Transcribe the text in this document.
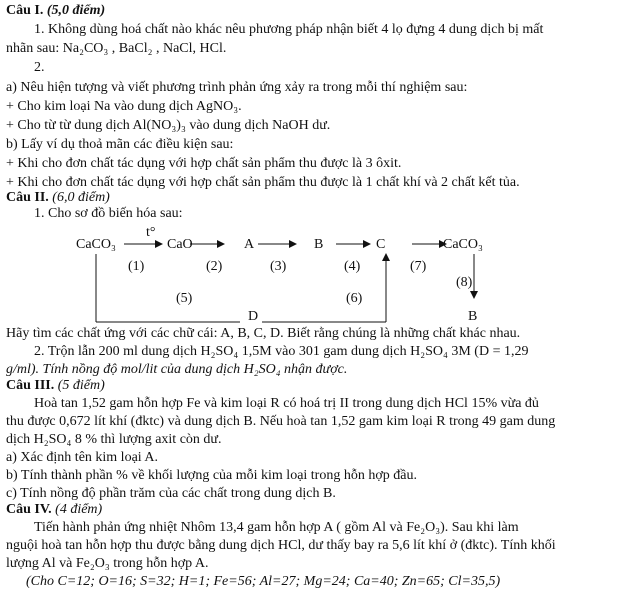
Câu I. (5,0 điểm)
1. Không dùng hoá chất nào khác nêu phương pháp nhận biết 4 lọ đựng 4 dung dịch bị mất
nhãn sau: Na₂CO₃ , BaCl₂ , NaCl, HCl.
2.
a) Nêu hiện tượng và viết phương trình phản ứng xảy ra trong mỗi thí nghiệm sau:
+ Cho kim loại Na vào dung dịch AgNO₃.
+ Cho từ từ dung dịch Al(NO₃)₃ vào dung dịch NaOH dư.
b) Lấy ví dụ thoả mãn các điều kiện sau:
+ Khi cho đơn chất tác dụng với hợp chất sản phẩm thu được là 3 ôxit.
+ Khi cho đơn chất tác dụng với hợp chất sản phẩm thu được là 1 chất khí và 2 chất kết tủa.
Câu II. (6,0 điểm)
1. Cho sơ đồ biến hóa sau:
t°
CaCO₃	CaO	A	B	C	CaCO₃
(1)	(2)	(3)	(4)	(7)
(8)
(5)	(6)
D	B
Hãy tìm các chất ứng với các chữ cái: A, B, C, D. Biết rằng chúng là những chất khác nhau.
2. Trộn lẫn 200 ml dung dịch H₂SO₄ 1,5M vào 301 gam dung dịch H₂SO₄ 3M (D = 1,29
g/ml). Tính nồng độ mol/lit của dung dịch H₂SO₄ nhận được.
Câu III. (5 điểm)
Hoà tan 1,52 gam hỗn hợp Fe và kim loại R có hoá trị II trong dung dịch HCl 15% vừa đủ
thu được 0,672 lít khí (đktc) và dung dịch B. Nếu hoà tan 1,52 gam kim loại R trong 49 gam dung
dịch H₂SO₄ 8 % thì lượng axit còn dư.
a) Xác định tên kim loại A.
b) Tính thành phần % về khối lượng của mỗi kim loại trong hỗn hợp đầu.
c) Tính nồng độ phần trăm của các chất trong dung dịch B.
Câu IV. (4 điểm)
Tiến hành phản ứng nhiệt Nhôm 13,4 gam hỗn hợp A ( gồm Al và Fe₂O₃). Sau khi làm
nguội hoà tan hỗn hợp thu được bằng dung dịch HCl, dư thấy bay ra 5,6 lít khí ở (đktc). Tính khối
lượng Al và Fe₂O₃ trong hỗn hợp A.
(Cho C=12; O=16; S=32; H=1; Fe=56; Al=27; Mg=24; Ca=40; Zn=65; Cl=35,5)
